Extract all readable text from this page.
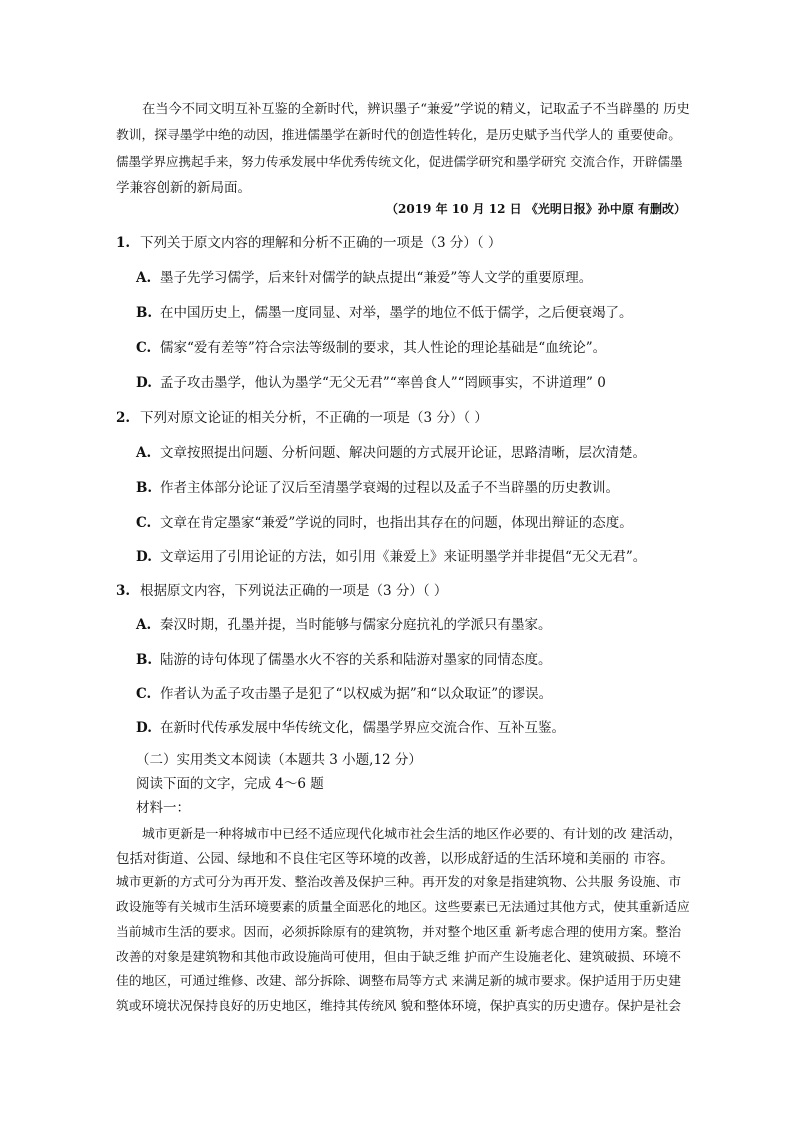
在当今不同文明互补互鉴的全新时代，辨识墨子“兼爱”学说的精义，记取孟子不当辟墨的 历史
教训，探寻墨学中绝的动因，推进儒墨学在新时代的创造性转化，是历史赋予当代学人的 重要使命。
儒墨学界应携起手来，努力传承发展中华优秀传统文化，促进儒学研究和墨学研究 交流合作，开辟儒墨
学兼容创新的新局面。
（2019 年 10 月 12 日 《光明日报》孙中原 有删改）
1. 下列关于原文内容的理解和分析不正确的一项是（3 分）（ ）
A. 墨子先学习儒学，后来针对儒学的缺点提出“兼爱”等人文学的重要原理。
B. 在中国历史上，儒墨一度同显、对举，墨学的地位不低于儒学，之后便衰竭了。
C. 儒家“爱有差等”符合宗法等级制的要求，其人性论的理论基础是“血统论”。
D. 孟子攻击墨学，他认为墨学“无父无君”“率兽食人”“罔顾事实，不讲道理” 0
2. 下列对原文论证的相关分析，不正确的一项是（3 分）（ ）
A. 文章按照提出问题、分析问题、解决问题的方式展开论证，思路清晰，层次清楚。
B. 作者主体部分论证了汉后至清墨学衰竭的过程以及孟子不当辟墨的历史教训。
C. 文章在肯定墨家“兼爱”学说的同时，也指出其存在的问题，体现出辩证的态度。
D. 文章运用了引用论证的方法，如引用《兼爱上》来证明墨学并非提倡“无父无君”。
3. 根据原文内容，下列说法正确的一项是（3 分）（ ）
A. 秦汉时期，孔墨并提，当时能够与儒家分庭抗礼的学派只有墨家。
B. 陆游的诗句体现了儒墨水火不容的关系和陆游对墨家的同情态度。
C. 作者认为孟子攻击墨子是犯了“以权威为据”和“以众取证”的谬误。
D. 在新时代传承发展中华传统文化，儒墨学界应交流合作、互补互鉴。
（二）实用类文本阅读（本题共 3 小题,12 分）
阅读下面的文字，完成 4～6 题
材料一：
城市更新是一种将城市中已经不适应现代化城市社会生活的地区作必要的、有计划的改 建活动，
包括对街道、公园、绿地和不良住宅区等环境的改善，以形成舒适的生活环境和美丽的 市容。
城市更新的方式可分为再开发、整治改善及保护三种。再开发的对象是指建筑物、公共服 务设施、市
政设施等有关城市生活环境要素的质量全面恶化的地区。这些要素已无法通过其他方式，使其重新适应
当前城市生活的要求。因而，必须拆除原有的建筑物，并对整个地区重 新考虑合理的使用方案。整治
改善的对象是建筑物和其他市政设施尚可使用，但由于缺乏维 护而产生设施老化、建筑破损、环境不
佳的地区，可通过维修、改建、部分拆除、调整布局等方式 来满足新的城市要求。保护适用于历史建
筑或环境状况保持良好的历史地区，维持其传统风 貌和整体环境，保护真实的历史遗存。保护是社会
